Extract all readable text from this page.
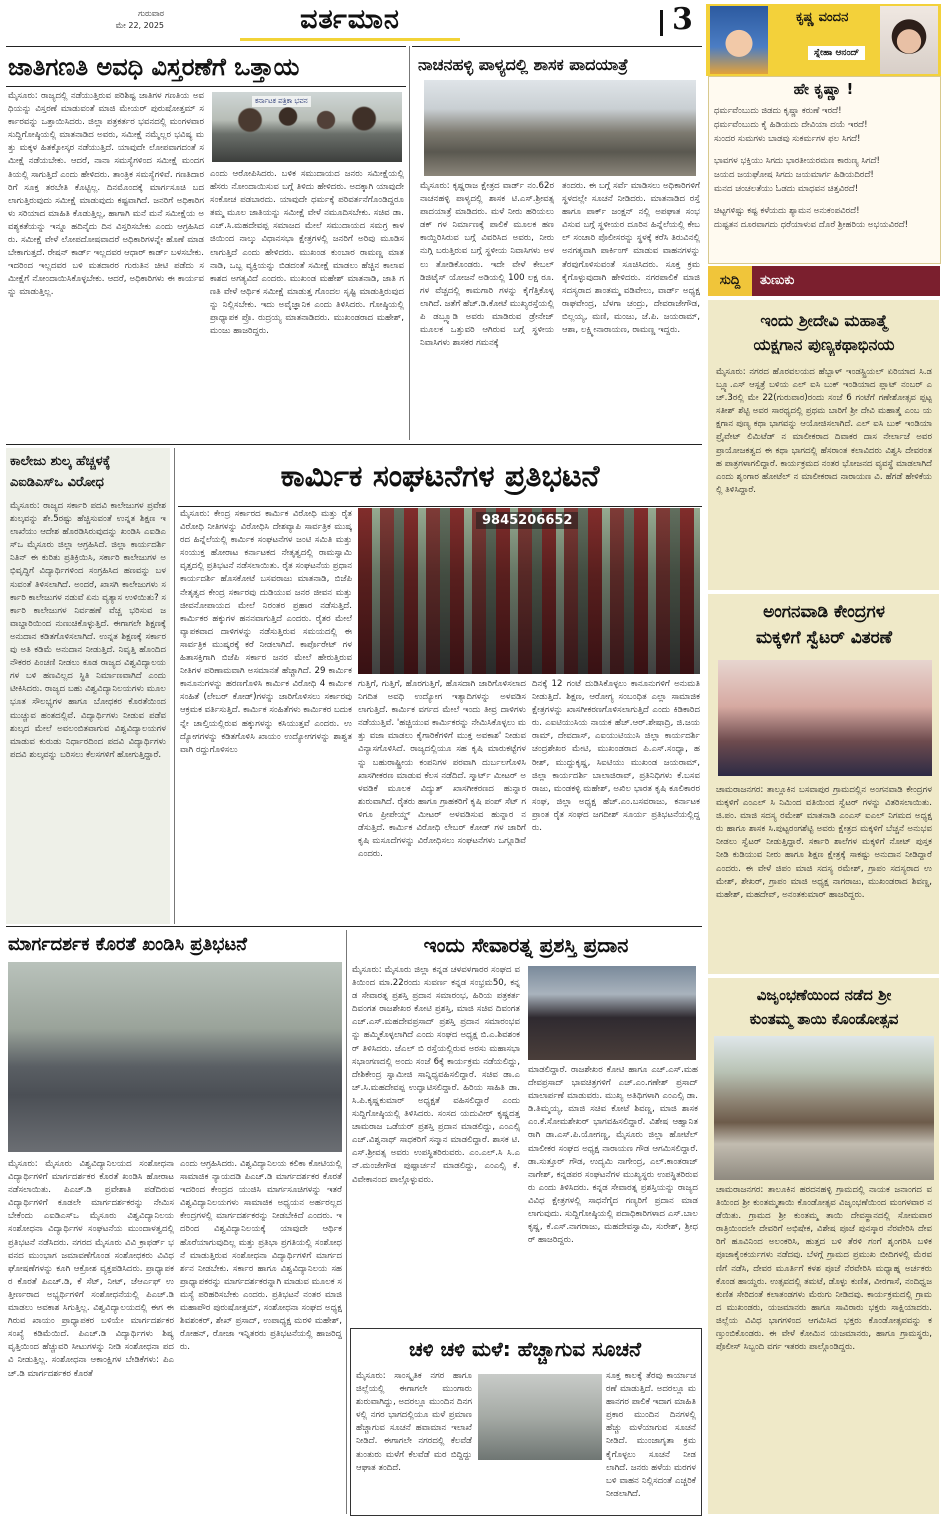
ಗುರುವಾರ
ಮೇ 22, 2025	ವರ್ತಮಾನ	3
ಜಾತಿಗಣತಿ ಅವಧಿ ವಿಸ್ತರಣೆಗೆ ಒತ್ತಾಯ
ಮೈಸೂರು: ರಾಜ್ಯದಲ್ಲಿ ನಡೆಯುತ್ತಿರುವ ಪರಿಶಿಷ್ಟ ಜಾತಿಗಳ ಗಣತಿಯ ಅವಧಿಯನ್ನು ವಿಸ್ತರಣೆ ಮಾಡುವಂತೆ ಮಾಜಿ ಮೇಯರ್ ಪುರುಷೋತ್ತಮ್ ಸರ್ಕಾರವನ್ನು ಒತ್ತಾಯಿಸಿದರು. ಜಿಲ್ಲಾ ಪತ್ರಕರ್ತರ ಭವನದಲ್ಲಿ ಮಂಗಳವಾರ ಸುದ್ದಿಗೋಷ್ಠಿಯಲ್ಲಿ ಮಾತನಾಡಿದ ಅವರು, ಸಮೀಕ್ಷೆ ನಮ್ಮೆಲ್ಲರ ಭವಿಷ್ಯ ಮತ್ತು ಮಕ್ಕಳ ಹಿತಕ್ಕೋಸ್ಕರ ನಡೆಯುತ್ತಿದೆ. ಯಾವುದೇ ಲೋಪವಾಗದಂತೆ ಸಮೀಕ್ಷೆ ನಡೆಯಬೇಕು. ಆದರೆ, ನಾನಾ ಸಮಸ್ಯೆಗಳಿಂದ ಸಮೀಕ್ಷೆ ಮಂದಗತಿಯಲ್ಲಿ ಸಾಗುತ್ತಿದೆ ಎಂದು ಹೇಳಿದರು. ತಾಂತ್ರಿಕ ಸಮಸ್ಯೆಗಳಿವೆ. ಗಣತಿದಾರರಿಗೆ ಸೂಕ್ತ ತರಬೇತಿ ಕೊಟ್ಟಿಲ್ಲ. ದಿನಮೊಂದಕ್ಕೆ ಮಾರ್ಗಸೂಚಿ ಬದಲಾಗುತ್ತಿರುವುದು ಸಮೀಕ್ಷೆ ಮಾಡುವುದು ಕಷ್ಟವಾಗಿದೆ. ಜನರಿಗೆ ಅಧಿಕಾರಿಗಳು ಸರಿಯಾದ ಮಾಹಿತಿ ಕೊಡುತ್ತಿಲ್ಲ, ಹಾಗಾಗಿ ಮನೆ ಮನೆ ಸಮೀಕ್ಷೆಯ ಅವಶ್ಯಕತೆಯನ್ನು ಇನ್ನೂ ಹದಿನೈದು ದಿನ ವಿಸ್ತರಿಸಬೇಕು ಎಂದು ಆಗ್ರಹಿಸಿದರು. ಸಮೀಕ್ಷೆ ವೇಳೆ ಲೋಪದೋಷವಾದರೆ ಅಧಿಕಾರಿಗಳನ್ನೇ ಹೊಣೆ ಮಾಡಬೇಕಾಗುತ್ತದೆ. ರೇಷನ್ ಕಾರ್ಡ್ ಇಲ್ಲದವರ ಆಧಾರ್ ಕಾರ್ಡ್ ಬಳಸಬೇಕು. ಇದರಿಂದ ಇಲ್ಲದವರ ಬಳಿ ಮತದಾರರ ಗುರುತಿನ ಚೀಟಿ ಪಡೆದು ಸಮೀಕ್ಷೆಗೆ ನೋಂದಾಯಿಸಿಕೊಳ್ಳಬೇಕು. ಆದರೆ, ಅಧಿಕಾರಿಗಳು ಈ ಕಾರ್ಯವನ್ನು ಮಾಡುತ್ತಿಲ್ಲ.
ಕರ್ನಾಟಕ ಪತ್ರಿಕಾ ಭವನ
ಎಂದು ಆರೋಪಿಸಿದರು. ಬಳಿಕ ಸಮುದಾಯದ ಜನರು ಸಮೀಕ್ಷೆಯಲ್ಲಿ ಹೆಸರು ನೋಂದಾಯಿಸುವ ಬಗ್ಗೆ ತಿಳಿದು ಹೇಳಿದರು. ಅದಕ್ಕಾಗಿ ಯಾವುದೇ ಸಂಕೋಚ ಪಡಬಾರದು. ಯಾವುದೇ ಧರ್ಮಕ್ಕೆ ಪರಿವರ್ತನೆಗೊಂಡಿದ್ದರೂ ತಮ್ಮ ಮೂಲ ಜಾತಿಯನ್ನು ಸಮೀಕ್ಷೆ ವೇಳೆ ನಮೂದಿಸಬೇಕು. ಸಚಿವ ಡಾ.ಎಚ್.ಸಿ.ಮಹದೇವಪ್ಪ ಸಮಾಜದ ಮೇಲೆ ಸಮುದಾಯದ ಸಮಗ್ರ ಕಾಳಜಿಯಿಂದ ನಾಲ್ಕು ವಿಧಾನಸಭಾ ಕ್ಷೇತ್ರಗಳಲ್ಲಿ ಜನರಿಗೆ ಅರಿವು ಮೂಡಿಸಲಾಗುತ್ತಿದೆ ಎಂದು ಹೇಳಿದರು. ಮುಖಂಡ ಕುಂಬಾರ ರಾಮಣ್ಣ ಮಾತನಾಡಿ, ಒಬ್ಬ ವ್ಯಕ್ತಿಯನ್ನು ಬಿಡದಂತೆ ಸಮೀಕ್ಷೆ ಮಾಡಲು ಹೆಚ್ಚಿನ ಕಾಲಾವಕಾಶದ ಅಗತ್ಯವಿದೆ ಎಂದರು. ಮುಖಂಡ ಮಹೇಶ್ ಮಾತನಾಡಿ, ಜಾತಿ ಗಣತಿ ವೇಳೆ ಆರ್ಥಿಕ ಸಮೀಕ್ಷೆ ಮಾಡುತ್ತ ಗೊಂದಲ ಸೃಷ್ಟಿ ಮಾಡುತ್ತಿರುವುದನ್ನು ನಿಲ್ಲಿಸಬೇಕು. ಇದು ಅವೈಜ್ಞಾನಿಕ ಎಂದು ತಿಳಿಸಿದರು. ಗೋಷ್ಠಿಯಲ್ಲಿ ಪ್ರಾಧ್ಯಾಪಕ ಪ್ರೊ. ರುದ್ರಯ್ಯ ಮಾತನಾಡಿದರು. ಮುಖಂಡರಾದ ಮಹೇಶ್, ಮಂಜು ಹಾಜರಿದ್ದರು.
ನಾಚನಹಳ್ಳಿ ಪಾಳ್ಯದಲ್ಲಿ ಶಾಸಕ ಪಾದಯಾತ್ರೆ
ಮೈಸೂರು: ಕೃಷ್ಣರಾಜ ಕ್ಷೇತ್ರದ ವಾರ್ಡ್ ನಂ.62ರ ನಾಚನಹಳ್ಳಿ ಪಾಳ್ಯದಲ್ಲಿ ಶಾಸಕ ಟಿ.ಎಸ್.ಶ್ರೀವತ್ಸ ಪಾದಯಾತ್ರೆ ಮಾಡಿದರು. ಮಳೆ ನೀರು ಹರಿಯಲು ಡಕ್ ಗಳ ನಿರ್ಮಾಣಕ್ಕೆ ಪಾಲಿಕೆ ಮೂಲಕ ಹಣ ಕಾಯ್ದಿರಿಸಿರುವ ಬಗ್ಗೆ ವಿವರಿಸಿದ ಅವರು, ನೀರು ನುಗ್ಗಿ ಬರುತ್ತಿರುವ ಬಗ್ಗೆ ಸ್ಥಳೀಯ ನಿವಾಸಿಗಳು ಅಳಲು ತೋಡಿಕೊಂಡರು. ಇದೇ ವೇಳೆ ಕೇಬಲ್ ಡಿಜಿಟೈಸ್ ಯೋಜನೆ ಅಡಿಯಲ್ಲಿ 100 ಲಕ್ಷ ರೂ.ಗಳ ವೆಚ್ಚದಲ್ಲಿ ಕಾಮಗಾರಿ ಗಳನ್ನು ಕೈಗೆತ್ತಿಕೊಳ್ಳಲಾಗಿದೆ. ಜತೆಗೆ ಹೆಚ್.ಡಿ.ಕೋಟೆ ಮುಖ್ಯರಸ್ತೆಯಲ್ಲಿ ಪಿ ಡಬ್ಲ್ಯೂಡಿ ಅವರು ಮಾಡಿರುವ ಡ್ರೇನೇಜ್ ಮೂಲಕ ಒತ್ತುವರಿ ಆಗಿರುವ ಬಗ್ಗೆ ಸ್ಥಳೀಯ ನಿವಾಸಿಗಳು ಶಾಸಕರ ಗಮನಕ್ಕೆ
ತಂದರು. ಈ ಬಗ್ಗೆ ಸರ್ವೆ ಮಾಡಿಸಲು ಅಧಿಕಾರಿಗಳಿಗೆ ಸ್ಥಳದಲ್ಲೇ ಸೂಚನೆ ನೀಡಿದರು. ಮಾತನಾಡಿದ ರಸ್ತೆ ಹಾಗೂ ಪಾರ್ಕ್ ಜಂಕ್ಷನ್ ನಲ್ಲಿ ಅಪಘಾತ ಸಂಭವಿಸುವ ಬಗ್ಗೆ ಸ್ಥಳೀಯರ ದೂರಿನ ಹಿನ್ನೆಲೆಯಲ್ಲಿ ಕೇಬಲ್ ಸಂಚಾರಿ ಪೊಲೀಸರನ್ನು ಸ್ಥಳಕ್ಕೆ ಕರೆಸಿ ತಿರುವಿನಲ್ಲಿ ಅನಗತ್ಯವಾಗಿ ಪಾರ್ಕಿಂಗ್ ಮಾಡುವ ವಾಹನಗಳನ್ನು ತೆರವುಗೊಳಿಸುವಂತೆ ಸೂಚಿಸಿದರು. ಸೂಕ್ತ ಕ್ರಮ ಕೈಗೊಳ್ಳುವುದಾಗಿ ಹೇಳಿದರು. ನಗರಪಾಲಿಕೆ ಮಾಜಿ ಸದಸ್ಯರಾದ ಶಾಂತಮ್ಮ ವಡಿವೇಲು, ವಾರ್ಡ್ ಅಧ್ಯಕ್ಷ ರಾಘವೇಂದ್ರ, ಬೆಳಗಾ ಚಂದ್ರು, ದೇವರಾಜೇಗೌಡ, ಬಿಲ್ಲಯ್ಯ, ಮಣಿ, ಮಂಜು, ಜೆ.ಪಿ. ಜಯರಾಮ್, ಆಶಾ, ಲಕ್ಷ್ಮೀನಾರಾಯಣ, ರಾಮಣ್ಣ ಇದ್ದರು.
ಕೃಷ್ಣ ವಂದನ
ಸ್ನೇಹಾ ಆನಂದ್
ಹೇ ಕೃಷ್ಣಾ !
ಧರ್ಮವೆಂಬುದು ಜಿಡದು ಕೃಷ್ಣಾ ಕರುಣೆ ಇರದೆ!
ಧರ್ಮವೆಂಬುದು ಕೈ ಹಿಡಿಯದು ದೇವಿಯಾ ದಯೆ ಇರದೆ!
ಸುಂದರ ಸುಮಗಳು ಬಾಡವು ಸುಕರ್ಮಗಳ ಫಲ ಸಿಗದೆ!
ಭಾವಗಳ ಭಕ್ತಿಯು ಸಿಗದು ಭಾರತೀಯರಮಣ ಕಾರುಣ್ಯ ಸಿಗದೆ!
ಜಯದ ಜಯಘೋಷ ಸಿಗದು ಜಯಮಾರ್ಗ ಹಿಡಿಯದಿರದೆ!
ಮನದ ಚಂಚಲತೆಯು ಓಡದು ಮಾಧವನ ಚಿತ್ತವಿರದೆ!
ಚಿಟ್ಟಗಳಿಷ್ಟು ಕಷ್ಟ ಕಳೆಯದು ಶ್ಯಾಮನ ಅನುಕಂಪವಿರದೆ!
ದುಷ್ಟತನ ದೂರವಾಗದು ಧರೆಯಾಳುವ ದೊರೆ ಶ್ರೀಹರಿಯ ಅಭಯವಿರದೆ!
ಸುದ್ದಿ	ತುಣುಕು
ಇಂದು ಶ್ರೀದೇವಿ ಮಹಾತ್ಮೆ
ಯಕ್ಷಗಾನ ಪುಣ್ಯಕಥಾಭಿನಯ
ಮೈಸೂರು: ನಗರದ ಹೊರವಲಯದ ಹೆಬ್ಬಾಳ್ ಇಂಡಸ್ಟ್ರಿಯಲ್ ಏರಿಯಾದ ಸಿ.ಡಬ್ಲ್ಯೂ.ಎಸ್ ಆಸ್ಪತ್ರೆ ಬಳಿಯ ಎಲ್ ಐಸಿ ಬುಕ್ ಇಂಡಿಯಾದ ಪ್ಲಾಟ್ ನಂಬರ್ ಎಚ್.3ರಲ್ಲಿ ಮೇ 22(ಗುರುವಾರ)ರಂದು ಸಂಜೆ 6 ಗಂಟೆಗೆ ಗಣೇಶೋತ್ಸವ ಪ್ಪಟ್ಟ ಸತೀಶ್ ಶೆಟ್ಟಿ ಅವರ ಸಾರಥ್ಯದಲ್ಲಿ ಪ್ರಥಮ ಬಾರಿಗೆ ಶ್ರೀ ದೇವಿ ಮಹಾತ್ಮೆ ಎಂಬ ಯಕ್ಷಗಾನ ಪುಣ್ಯ ಕಥಾ ಭಾಗವನ್ನು ಆಯೋಜಿಸಲಾಗಿದೆ. ಎಲ್ ಐಸಿ ಬುಕ್ ಇಂಡಿಯಾ ಪ್ರೈವೇಟ್ ಲಿಮಿಟೆಡ್ ನ ಮಾಲೀಕರಾದ ದಿವಾಕರ ದಾಸ ನೇರ್ಲಾಜೆ ಅವರ ಪ್ರಾಯೋಜಕತ್ವದ ಈ ಕಥಾ ಭಾಗದಲ್ಲಿ ಹೆಸರಾಂತ ಕಲಾವಿದರು ವಿಶ್ವಸಿ ದೇವರಂತಹ ಪಾತ್ರಗಳಾಗಲಿದ್ದಾರೆ. ಕಾರ್ಯಕ್ರಮದ ನಂತರ ಭೋಜನದ ವ್ಯವಸ್ಥೆ ಮಾಡಲಾಗಿದೆ ಎಂದು ಶೃಂಗಾರ ಹೋಟೆಲ್ ನ ಮಾಲೀಕರಾದ ನಾರಾಯಣ ವಿ. ಹೆಗಡೆ ಹೇಳಿಕೆಯಲ್ಲಿ ತಿಳಿಸಿದ್ದಾರೆ.
ಅಂಗನವಾಡಿ ಕೇಂದ್ರಗಳ
ಮಕ್ಕಳಿಗೆ ಸ್ವೆಟರ್ ವಿತರಣೆ
ಚಾಮರಾಜನಗರ: ತಾಲ್ಲೂಕಿನ ಬಸವಾಪುರ ಗ್ರಾಮದಲ್ಲಿನ ಅಂಗನವಾಡಿ ಕೇಂದ್ರಗಳ ಮಕ್ಕಳಿಗೆ ಎಂಎಲ್ ಸಿ ನಿಮಿಂದ ವತಿಯಿಂದ ಸ್ವೆಟರ್ ಗಳನ್ನು ವಿತರಿಸಲಾಯಿತು. ಜಿ.ಪಂ. ಮಾಜಿ ಸದಸ್ಯ ರಮೇಶ್ ಮಾತನಾಡಿ ಎಂಎಸ್ ಐಎಲ್ ನಿಗಮದ ಅಧ್ಯಕ್ಷರು ಹಾಗೂ ಶಾಸಕ ಸಿ.ಪುಟ್ಟರಂಗಶೆಟ್ಟಿ ಅವರು ಕ್ಷೇತ್ರದ ಮಕ್ಕಳಿಗೆ ಬೆಚ್ಚನೆ ಅನುಭವ ನೀಡಲು ಸ್ವೆಟರ್ ನೀಡುತ್ತಿದ್ದಾರೆ. ಸರ್ಕಾರಿ ಶಾಲೆಗಳ ಮಕ್ಕಳಿಗೆ ನೋಟ್ ಪುಸ್ತಕ ನೀಡಿ ಕುಡಿಯುವ ನೀರು ಹಾಗೂ ಶಿಕ್ಷಣ ಕ್ಷೇತ್ರಕ್ಕೆ ಸಾಕಷ್ಟು ಅನುದಾನ ನೀಡಿದ್ದಾರೆ ಎಂದರು. ಈ ವೇಳೆ ಜಿಪಂ ಮಾಜಿ ಸದಸ್ಯ ರಮೇಶ್, ಗ್ರಾಪಂ ಸದಸ್ಯರಾದ ಉಮೇಶ್, ಶೇಖರ್, ಗ್ರಾಪಂ ಮಾಜಿ ಅಧ್ಯಕ್ಷ ನಾಗರಾಜು, ಮುಖಂಡರಾದ ಶಿವಣ್ಣ, ಮಹೇಶ್, ಮಹದೇವ್, ಅನಂತಕುಮಾರ್ ಹಾಜರಿದ್ದರು.
ವಿಜೃಂಭಣೆಯಿಂದ ನಡೆದ ಶ್ರೀ
ಕುಂತಮ್ಮ ತಾಯಿ ಕೊಂಡೋತ್ಸವ
ಚಾಮರಾಜನಗರ: ತಾಲೂಕಿನ ಹರದನಹಳ್ಳಿ ಗ್ರಾಮದಲ್ಲಿ ನಾಯಕ ಜನಾಂಗದ ವತಿಯಿಂದ ಶ್ರೀ ಕುಂತಮ್ಮತಾಯಿ ಕೊಂಡೋತ್ಸವ ವಿಜೃಂಭಣೆಯಿಂದ ಮಂಗಳವಾರ ನಡೆಯಿತು. ಗ್ರಾಮದ ಶ್ರೀ ಕುಂತಮ್ಮ ತಾಯಿ ದೇವಸ್ಥಾನದಲ್ಲಿ ಸೋಮವಾರ ರಾತ್ರಿಯಿಂದಲೇ ದೇವರಿಗೆ ಅಭಿಷೇಕ, ವಿಶೇಷ ಪೂಜೆ ಪುನಸ್ಕಾರ ನೆರವೇರಿಸಿ ದೇವರಿಗೆ ಹೂವಿನಿಂದ ಅಲಂಕರಿಸಿ, ಹುತ್ತದ ಬಳಿ ತೆರಳಿ ಗಂಗೆ ಶೃಂಗರಿಸಿ ಬಳಿಕ ಪೂಜಾಕೈಂಕರ್ಯಗಳು ನಡೆದವು. ಬೆಳಗ್ಗೆ ಗ್ರಾಮದ ಪ್ರಮುಖ ಬೀದಿಗಳಲ್ಲಿ ಮೆರವಣಿಗೆ ನಡೆಸಿ, ದೇವರ ಮೂರ್ತಿಗೆ ಕಳಶ ಪೂಜೆ ನೆರವೇರಿಸಿ ಮಧ್ಯಾಹ್ನ ಅರ್ಚಕರು ಕೊಂಡ ಹಾಯ್ದರು. ಉತ್ಸವದಲ್ಲಿ ತಮಟೆ, ಡೊಳ್ಳು ಕುಣಿತ, ವೀರಗಾಸೆ, ನಂದಿಧ್ವಜ ಕುಣಿತ ಸೇರಿದಂತೆ ಕಲಾತಂಡಗಳು ಮೆರುಗು ನೀಡಿದವು. ಕಾರ್ಯಕ್ರಮದಲ್ಲಿ ಗ್ರಾಮದ ಮುಖಂಡರು, ಯಜಮಾನರು ಹಾಗೂ ಸಾವಿರಾರು ಭಕ್ತರು ಸಾಕ್ಷಿಯಾದರು. ಜಿಲ್ಲೆಯ ವಿವಿಧ ಭಾಗಗಳಿಂದ ಆಗಮಿಸಿದ ಭಕ್ತರು ಕೊಂಡೋತ್ಸವವನ್ನು ಕಣ್ತುಂಬಿಕೊಂಡರು. ಈ ವೇಳೆ ಕೋಮಿನ ಯಜಮಾನರು, ಹಾಗೂ ಗ್ರಾಮಸ್ಥರು, ಪೊಲೀಸ್ ಸಿಬ್ಬಂದಿ ವರ್ಗ ಇತರರು ಪಾಲ್ಗೊಂಡಿದ್ದರು.
ಕಾಲೇಜು ಶುಲ್ಕ ಹೆಚ್ಚಳಕ್ಕೆ
ಎಐಡಿಎಸ್ಒ ವಿರೋಧ
ಮೈಸೂರು: ರಾಜ್ಯದ ಸರ್ಕಾರಿ ಪದವಿ ಕಾಲೇಜುಗಳ ಪ್ರವೇಶ ಶುಲ್ಕವನ್ನು ಶೇ.5ರಷ್ಟು ಹೆಚ್ಚಿಸುವಂತೆ ಉನ್ನತ ಶಿಕ್ಷಣ ಇಲಾಖೆಯು ಆದೇಶ ಹೊರಡಿಸಿರುವುದನ್ನು ಖಂಡಿಸಿ ಎಐಡಿಎಸ್ಒ ಮೈಸೂರು ಜಿಲ್ಲಾ ಆಗ್ರಹಿಸಿದೆ. ಜಿಲ್ಲಾ ಕಾರ್ಯದರ್ಶಿ ನಿತಿನ್ ಈ ಕುರಿತು ಪ್ರತಿಕ್ರಿಯಿಸಿ, ಸರ್ಕಾರಿ ಕಾಲೇಜುಗಳ ಅಭಿವೃದ್ಧಿಗೆ ವಿದ್ಯಾರ್ಥಿಗಳಿಂದ ಸಂಗ್ರಹಿಸಿದ ಹಣವನ್ನು ಬಳಸುವಂತೆ ತಿಳಿಸಲಾಗಿದೆ. ಅಂದರೆ, ಖಾಸಗಿ ಕಾಲೇಜುಗಳು ಸರ್ಕಾರಿ ಕಾಲೇಜುಗಳ ನಡುವೆ ಏನು ವ್ಯತ್ಯಾಸ ಉಳಿಯಿತು? ಸರ್ಕಾರಿ ಕಾಲೇಜುಗಳ ನಿರ್ವಹಣೆ ವೆಚ್ಚ ಭರಿಸುವ ಜವಾಬ್ದಾರಿಯಿಂದ ನುಣುಚಿಕೊಳ್ಳುತ್ತಿದೆ. ಈಗಾಗಲೇ ಶಿಕ್ಷಣಕ್ಕೆ ಅನುದಾನ ಕಡಿತಗೊಳಿಸಲಾಗಿದೆ. ಉನ್ನತ ಶಿಕ್ಷಣಕ್ಕೆ ಸರ್ಕಾರವು ಅತಿ ಕಡಿಮೆ ಅನುದಾನ ನೀಡುತ್ತಿದೆ. ನಿವೃತ್ತಿ ಹೊಂದಿದ ನೌಕರರ ಪಿಂಚಣಿ ನೀಡಲು ಕೂಡ ರಾಜ್ಯದ ವಿಶ್ವವಿದ್ಯಾಲಯಗಳ ಬಳಿ ಹಣವಿಲ್ಲದ ಸ್ಥಿತಿ ನಿರ್ಮಾಣವಾಗಿದೆ ಎಂದು ಟೀಕಿಸಿದರು. ರಾಜ್ಯದ ಬಹು ವಿಶ್ವವಿದ್ಯಾನಿಲಯಗಳು ಮೂಲಭೂತ ಸೌಲಭ್ಯಗಳ ಹಾಗೂ ಬೋಧಕರ ಕೊರತೆಯಿಂದ ಮುಚ್ಚುವ ಹಂತದಲ್ಲಿವೆ. ವಿದ್ಯಾರ್ಥಿಗಳು ನೀಡುವ ಪಡೆವ ಶುಲ್ಕದ ಮೇಲೆ ಅವಲಂಬಿತವಾಗುವ ವಿಶ್ವವಿದ್ಯಾಲಯಗಳ ಮಾಡುವ ಕುರುಡು ನಿರ್ಧಾರದಿಂದ ಪದವಿ ವಿದ್ಯಾರ್ಥಿಗಳು ಪದವಿ ಶುಲ್ಕವನ್ನು ಬರಿಸಲು ಕೆಲಸಗಳಿಗೆ ಹೋಗುತ್ತಿದ್ದಾರೆ.
ಕಾರ್ಮಿಕ ಸಂಘಟನೆಗಳ ಪ್ರತಿಭಟನೆ
ಮೈಸೂರು: ಕೇಂದ್ರ ಸರ್ಕಾರದ ಕಾರ್ಮಿಕ ವಿರೋಧಿ ಮತ್ತು ರೈತ ವಿರೋಧಿ ನೀತಿಗಳನ್ನು ವಿರೋಧಿಸಿ ದೇಶವ್ಯಾಪಿ ಸಾರ್ವತ್ರಿಕ ಮುಷ್ಕರದ ಹಿನ್ನೆಲೆಯಲ್ಲಿ ಕಾರ್ಮಿಕ ಸಂಘಟನೆಗಳ ಜಂಟಿ ಸಮಿತಿ ಮತ್ತು ಸಂಯುಕ್ತ ಹೋರಾಟ ಕರ್ನಾಟಕದ ನೇತೃತ್ವದಲ್ಲಿ ರಾಮಸ್ವಾಮಿ ವೃತ್ತದಲ್ಲಿ ಪ್ರತಿಭಟನೆ ನಡೆಸಲಾಯಿತು. ರೈತ ಸಂಘಟನೆಯ ಪ್ರಧಾನ ಕಾರ್ಯದರ್ಶಿ ಹೊಸಕೋಟೆ ಬಸವರಾಜು ಮಾತನಾಡಿ, ಬಿಜೆಪಿ ನೇತೃತ್ವದ ಕೇಂದ್ರ ಸರ್ಕಾರವು ದುಡಿಯುವ ಜನರ ಜೀವನ ಮತ್ತು ಜೀವನೋಪಾಯದ ಮೇಲೆ ನಿರಂತರ ಪ್ರಹಾರ ನಡೆಸುತ್ತಿದೆ. ಕಾರ್ಮಿಕರ ಹಕ್ಕುಗಳ ಹನನವಾಗುತ್ತಿದೆ ಎಂದರು. ರೈತರ ಮೇಲೆ ವ್ಯಾಪಕವಾದ ದಾಳಿಗಳನ್ನು ನಡೆಸುತ್ತಿರುವ ಸಮಯದಲ್ಲಿ ಈ ಸಾರ್ವತ್ರಿಕ ಮುಷ್ಕರಕ್ಕೆ ಕರೆ ನೀಡಲಾಗಿದೆ. ಕಾರ್ಪೊರೇಟ್ ಗಳ ಹಿತಾಸಕ್ತಿಗಾಗಿ ಬಿಜೆಪಿ ಸರ್ಕಾರ ಜನರ ಮೇಲೆ ಹೇರುತ್ತಿರುವ ನೀತಿಗಳ ಪರಿಣಾಮವಾಗಿ ಅಸಮಾನತೆ ಹೆಚ್ಚಾಗಿದೆ. 29 ಕಾರ್ಮಿಕ ಕಾನೂನುಗಳನ್ನು ಹರಣಗೊಳಿಸಿ ಕಾರ್ಮಿಕ ವಿರೋಧಿ 4 ಕಾರ್ಮಿಕ ಸಂಹಿತೆ (ಲೇಬರ್ ಕೋಡ್)ಗಳನ್ನು ಜಾರಿಗೊಳಿಸಲು ಸರ್ಕಾರವು ಆಕ್ರಮಕ ವರ್ತಿಸುತ್ತಿದೆ. ಕಾರ್ಮಿಕ ಸಂಹಿತೆಗಳು ಕಾರ್ಮಿಕರ ಬದುಕನ್ನೇ ಚಾಲ್ತಿಯಲ್ಲಿರುವ ಹಕ್ಕುಗಳನ್ನು ಕಸಿಯುತ್ತವೆ ಎಂದರು. ಉದ್ಯೋಗಗಳನ್ನು ಕಡಿತಗೊಳಿಸಿ ಖಾಯಂ ಉದ್ಯೋಗಗಳನ್ನು ಶಾಶ್ವತವಾಗಿ ರದ್ದುಗೊಳಿಸಲು
9845206652
ಗುತ್ತಿಗೆ, ಗುತ್ತಿಗೆ, ಹೊರಗುತ್ತಿಗೆ, ಹೊಸದಾಗಿ ಜಾರಿಗೊಳಿಸಲಾದ ನಿಗದಿತ ಅವಧಿ ಉದ್ಯೋಗ ಇತ್ಯಾದಿಗಳನ್ನು ಅಳವಡಿಸಲಾಗುತ್ತಿದೆ. ಕಾರ್ಮಿಕ ವರ್ಗದ ಮೇಲೆ ಇಂದು ತೀವ್ರ ದಾಳಿಗಳು ನಡೆಯುತ್ತಿವೆ. 'ಹಚ್ಚಿಯುವ ಕಾರ್ಮಿಕರನ್ನು ನೇಮಿಸಿಕೊಳ್ಳಲು ಮತ್ತು ವಜಾ ಮಾಡಲು ಕೈಗಾರಿಕೆಗಳಿಗೆ ಮುಕ್ತ ಅವಕಾಶ' ನೀಡುವ ವಿನ್ಯಾಸಗೊಳಿಸಿದೆ. ರಾಜ್ಯದಲ್ಲಿಯೂ ಸಹ ಕೃಷಿ ಮಾರುಕಟ್ಟೆಗಳನ್ನು ಬಹುರಾಷ್ಟ್ರೀಯ ಕಂಪನಿಗಳ ಪರವಾಗಿ ದುರ್ಬಲಗೊಳಿಸಿ ಖಾಸಗೀಕರಣ ಮಾಡುವ ಕೆಲಸ ನಡೆದಿದೆ. ಸ್ಮಾರ್ಟ್ ಮೀಟರ್ ಅಳವಡಿಕೆ ಮೂಲಕ ವಿದ್ಯುತ್ ಖಾಸಗೀಕರಣದ ಹುನ್ನಾರ ಶುರುವಾಗಿದೆ. ರೈತರು ಹಾಗೂ ಗ್ರಾಹಕರಿಗೆ ಕೃಷಿ ಪಂಪ್ ಸೆಟ್ ಗಳಿಗೂ ಪ್ರೀಪೇಯ್ಡ್ ಮೀಟರ್ ಅಳವಡಿಸುವ ಹುನ್ನಾರ ನಡೆಸುತ್ತಿದೆ. ಕಾರ್ಮಿಕ ವಿರೋಧಿ ಲೇಬರ್ ಕೋಡ್ ಗಳ ಜಾರಿಗೆ ಕೃಷಿ ಮಸೂದೆಗಳನ್ನು ವಿರೋಧಿಸಲು ಸಂಘಟನೆಗಳು ಒಗ್ಗೂಡಿವೆ ಎಂದರು.
ದಿನಕ್ಕೆ 12 ಗಂಟೆ ದುಡಿಸಿಕೊಳ್ಳಲು ಕಾನೂನುಗಳಿಗೆ ಅನುಮತಿ ನೀಡುತ್ತಿದೆ. ಶಿಕ್ಷಣ, ಆರೋಗ್ಯ ಸಂಬಂಧಿತ ಎಲ್ಲಾ ಸಾಮಾಜಿಕ ಕ್ಷೇತ್ರಗಳನ್ನು ಖಾಸಗೀಕರಣಗೊಳಿಸಲಾಗುತ್ತಿದೆ ಎಂದು ಕಿಡಿಕಾರಿದರು. ಎಐಟಿಯುಸಿಯ ನಾಯಕ ಹೆಚ್.ಆರ್.ಶೇಷಾದ್ರಿ, ಜಿ.ಜಯರಾಮ್, ದೇವದಾಸ್, ಎಐಯುಟಿಯುಸಿ ಜಿಲ್ಲಾ ಕಾರ್ಯದರ್ಶಿ ಚಂದ್ರಶೇಖರ ಮೇಟಿ, ಮುಖಂಡರಾದ ಪಿ.ಎಸ್.ಸಂಧ್ಯಾ, ಹರೀಶ್, ಮುದ್ದುಕೃಷ್ಣ, ಸಿಐಟಿಯು ಮುಖಂಡ ಜಯರಾಮ್, ಜಿಲ್ಲಾ ಕಾರ್ಯದರ್ಶಿ ಬಾಲಾಜಿರಾವ್, ಪ್ರತಿನಿಧಿಗಳು ಕೆ.ಬಸವರಾಜು, ಮಂಡಕಳ್ಳಿ ಮಹೇಶ್, ಅಖಿಲ ಭಾರತ ಕೃಷಿ ಕೂಲಿಕಾರರ ಸಂಘ, ಜಿಲ್ಲಾ ಅಧ್ಯಕ್ಷ ಹೆಚ್.ಎಂ.ಬಸವರಾಜು, ಕರ್ನಾಟಕ ಪ್ರಾಂತ ರೈತ ಸಂಘದ ಜಗದೀಶ್ ಸೂರ್ಯ ಪ್ರತಿಭಟನೆಯಲ್ಲಿದ್ದರು.
ಮಾರ್ಗದರ್ಶಕ ಕೊರತೆ ಖಂಡಿಸಿ ಪ್ರತಿಭಟನೆ
ಮೈಸೂರು: ಮೈಸೂರು ವಿಶ್ವವಿದ್ಯಾನಿಲಯದ ಸಂಶೋಧನಾ ವಿದ್ಯಾರ್ಥಿಗಳಿಗೆ ಮಾರ್ಗದರ್ಶಕರ ಕೊರತೆ ಖಂಡಿಸಿ ಹೋರಾಟ ನಡೆಸಲಾಯಿತು. ಪಿಎಚ್.ಡಿ ಪ್ರವೇಶಾತಿ ಪಡೆದಿರುವ ವಿದ್ಯಾರ್ಥಿಗಳಿಗೆ ಕೂಡಲೇ ಮಾರ್ಗದರ್ಶಕರನ್ನು ನೇಮಿಸಬೇಕೆಂದು ಎಐಡಿಎಸ್ಒ ಮೈಸೂರು ವಿಶ್ವವಿದ್ಯಾನಿಲಯ ಸಂಶೋಧನಾ ವಿದ್ಯಾರ್ಥಿಗಳ ಸಂಘಟನೆಯ ಮುಂದಾಳತ್ವದಲ್ಲಿ ಪ್ರತಿಭಟನೆ ನಡೆಸಿದರು. ನಗರದ ಮೈಸೂರು ವಿವಿ ಕ್ರಾಫರ್ಡ್ ಭವನದ ಮುಂಭಾಗ ಜಮಾವಣೆಗೊಂಡ ಸಂಶೋಧಕರು ವಿವಿಧ ಘೋಷಣೆಗಳನ್ನು ಕೂಗಿ ಆಕ್ರೋಶ ವ್ಯಕ್ತಪಡಿಸಿದರು. ಪ್ರಾಧ್ಯಾಪಕರ ಕೊರತೆ ಪಿಎಚ್.ಡಿ, ಕೆ ಸೆಟ್, ನೀಟ್, ಜೆಆರ್ಎಫ್ ಉತ್ತೀರ್ಣರಾದ ಅಭ್ಯರ್ಥಿಗಳಿಗೆ ಸಂಶೋಧನೆಯಲ್ಲಿ ಪಿಎಚ್.ಡಿ ಮಾಡಲು ಅವಕಾಶ ಸಿಗುತ್ತಿಲ್ಲ. ವಿಶ್ವವಿದ್ಯಾಲಯದಲ್ಲಿ ಈಗ ಈಗಿರುವ ಖಾಯಂ ಪ್ರಾಧ್ಯಾಪಕರ ಬಳಿಯೇ ಮಾರ್ಗದರ್ಶಕರ ಸಂಖ್ಯೆ ಕಡಿಮೆಯಿದೆ. ಪಿಎಚ್.ಡಿ ವಿದ್ಯಾರ್ಥಿಗಳು ಶಿಷ್ಯವೃತ್ತಿಯಿಂದ ಹೆಚ್ಚುವರಿ ಸೀಟುಗಳನ್ನು ನೀಡಿ ಸಂಶೋಧನಾ ಪದವಿ ನೀಡುತ್ತಿಲ್ಲ. ಸಂಶೋಧನಾ ಆಕಾಂಕ್ಷಿಗಳ ಬೇಡಿಕೆಗಳು: ಪಿಎಚ್.ಡಿ ಮಾರ್ಗದರ್ಶಕರ ಕೊರತೆ
ಎಂದು ಆಗ್ರಹಿಸಿದರು. ವಿಶ್ವವಿದ್ಯಾನಿಲಯ ಕಲಿಕಾ ಕೋಟಿಯಲ್ಲಿ ಸಾಮಾಜಿಕ ನ್ಯಾಯದಡಿ ಪಿಎಚ್.ಡಿ ಮಾರ್ಗದರ್ಶಕರ ಕೊರತೆ ಇದರಿಂದ ಕೇಂದ್ರದ ಯುಜಿಸಿ ಮಾರ್ಗಸೂಚಿಗಳನ್ನು ಇತರೆ ವಿಶ್ವವಿದ್ಯಾನಿಲಯಗಳು ಸಾಮಾಜಿಕ ಅಧ್ಯಯನ ಅರ್ಹರಲ್ಲದ ಕೇಂದ್ರಗಳಲ್ಲಿ ಮಾರ್ಗದರ್ಶಕರನ್ನು ನೀಡಬೇಕಿದೆ ಎಂದರು. ಇದರಿಂದ ವಿಶ್ವವಿದ್ಯಾನಿಲಯಕ್ಕೆ ಯಾವುದೇ ಆರ್ಥಿಕ ಹೊರೆಯಾಗುವುದಿಲ್ಲ ಮತ್ತು ಪ್ರತಿಭಾ ಪ್ರಗತಿಯಲ್ಲಿ ಸಂಶೋಧನೆ ಮಾಡುತ್ತಿರುವ ಸಂಶೋಧನಾ ವಿದ್ಯಾರ್ಥಿಗಳಿಗೆ ಮಾರ್ಗದರ್ಶನ ನೀಡಬೇಕು. ಸರ್ಕಾರ ಹಾಗೂ ವಿಶ್ವವಿದ್ಯಾನಿಲಯ ಸಹಪ್ರಾಧ್ಯಾಪಕರನ್ನು ಮಾರ್ಗದರ್ಶಕರನ್ನಾಗಿ ಮಾಡುವ ಮೂಲಕ ಸಮಸ್ಯೆ ಪರಿಹರಿಸಬೇಕು ಎಂದರು. ಪ್ರತಿಭಟನೆ ನಂತರ ಮಾಜಿ ಮಹಾಪೌರ ಪುರುಷೋತ್ತಮ್, ಸಂಶೋಧನಾ ಸಂಘದ ಅಧ್ಯಕ್ಷ ಶಿವಶಂಕರ್, ಶೇಖ್ ಪ್ರಸಾದ್, ಉಪಾಧ್ಯಕ್ಷ ಮರಳಿ ಮಹೇಶ್, ರೋಹನ್, ರೋಜಾ ಇನ್ನಿತರರು ಪ್ರತಿಭಟನೆಯಲ್ಲಿ ಹಾಜರಿದ್ದರು.
ಇಂದು ಸೇವಾರತ್ನ ಪ್ರಶಸ್ತಿ ಪ್ರದಾನ
ಮೈಸೂರು: ಮೈಸೂರು ಜಿಲ್ಲಾ ಕನ್ನಡ ಚಳವಳಗಾರರ ಸಂಘದ ವತಿಯಿಂದ ಮಾ.22ರಂದು ಸುವರ್ಣ ಕನ್ನಡ ಸಂಭ್ರಮ50, ಕನ್ನಡ ಸೇವಾರತ್ನ ಪ್ರಶಸ್ತಿ ಪ್ರದಾನ ಸಮಾರಂಭ, ಹಿರಿಯ ಪತ್ರಕರ್ತ ದಿವಂಗತ ರಾಜಶೇಖರ ಕೋಟಿ ಪ್ರಶಸ್ತಿ, ಮಾಜಿ ಸಚಿವ ದಿವಂಗತ ಎಚ್.ಎಸ್.ಮಹದೇವಪ್ರಸಾದ್ ಪ್ರಶಸ್ತಿ ಪ್ರದಾನ ಸಮಾರಂಭವನ್ನು ಹಮ್ಮಿಕೊಳ್ಳಲಾಗಿದೆ ಎಂದು ಸಂಘದ ಅಧ್ಯಕ್ಷ ಬಿ.ಎ.ಶಿವಶಂಕರ್ ತಿಳಿಸಿದರು. ಜೆಎಲ್ ಬಿ ರಸ್ತೆಯಲ್ಲಿರುವ ಅರಸು ಮಹಾಸಭಾ ಸಭಾಂಗಣದಲ್ಲಿ ಅಂದು ಸಂಜೆ 6ಕ್ಕೆ ಕಾರ್ಯಕ್ರಮ ನಡೆಯಲಿದ್ದು, ದೇಶಿಕೇಂದ್ರ ಸ್ವಾಮೀಜಿ ಸಾನ್ನಿಧ್ಯವಹಿಸಲಿದ್ದಾರೆ. ಸಚಿವ ಡಾ.ಎಚ್.ಸಿ.ಮಹದೇವಪ್ಪ ಉದ್ಘಾಟಿಸಲಿದ್ದಾರೆ. ಹಿರಿಯ ಸಾಹಿತಿ ಡಾ.ಸಿ.ಪಿ.ಕೃಷ್ಣಕುಮಾರ್ ಅಧ್ಯಕ್ಷತೆ ವಹಿಸಲಿದ್ದಾರೆ ಎಂದು ಸುದ್ದಿಗೋಷ್ಠಿಯಲ್ಲಿ ತಿಳಿಸಿದರು. ಸಂಸದ ಯದುವೀರ್ ಕೃಷ್ಣದತ್ತ ಚಾಮರಾಜ ಒಡೆಯರ್ ಪ್ರಶಸ್ತಿ ಪ್ರದಾನ ಮಾಡಲಿದ್ದು, ಎಂಎಲ್ಸಿ ಎಚ್.ವಿಶ್ವನಾಥ್ ಸಾಧಕರಿಗೆ ಸನ್ಮಾನ ಮಾಡಲಿದ್ದಾರೆ. ಶಾಸಕ ಟಿ.ಎಸ್.ಶ್ರೀವತ್ಸ ಅವರು ಉಪಸ್ಥಿತರಿರುವರು. ಎಂ.ಎಲ್.ಸಿ ಸಿ.ಎನ್.ಮಂಜೇಗೌಡ ಪುಷ್ಪಾರ್ಚನೆ ಮಾಡಲಿದ್ದು, ಎಂಎಲ್ಸಿ ಕೆ.ವಿವೇಕಾನಂದ ಪಾಲ್ಗೊಳ್ಳುವರು.
ಮಾಡಲಿದ್ದಾರೆ. ರಾಜಶೇಖರ ಕೋಟಿ ಹಾಗೂ ಎಚ್.ಎಸ್.ಮಹದೇವಪ್ರಸಾದ್ ಭಾವಚಿತ್ರಗಳಿಗೆ ಎಚ್.ಎಂ.ಗಣೇಶ್ ಪ್ರಸಾದ್ ಮಾಲಾರ್ಪಣೆ ಮಾಡುವರು. ಮುಖ್ಯ ಅತಿಥಿಗಳಾಗಿ ಎಂಎಲ್ಸಿ ಡಾ.ಡಿ.ತಿಮ್ಮಯ್ಯ, ಮಾಜಿ ಸಚಿವ ಕೋಟೆ ಶಿವಣ್ಣ, ಮಾಜಿ ಶಾಸಕ ಎಂ.ಕೆ.ಸೋಮಶೇಖರ್ ಭಾಗವಹಿಸಲಿದ್ದಾರೆ. ವಿಶೇಷ ಆಹ್ವಾನಿತರಾಗಿ ಡಾ.ಎಸ್.ಪಿ.ಯೋಗಣ್ಣ, ಮೈಸೂರು ಜಿಲ್ಲಾ ಹೋಟೆಲ್ ಮಾಲೀಕರ ಸಂಘದ ಅಧ್ಯಕ್ಷ ನಾರಾಯಣ ಗೌಡ ಆಗಮಿಸಲಿದ್ದಾರೆ. ಡಾ.ಸುತ್ತೂರ್ ಗೌಡ, ಉದ್ಯಮಿ ನಾಗೇಂದ್ರ, ಎಲ್.ಕಾಂತರಾಜ್ ನಾಗೇಶ್, ಕನ್ನಡಪರ ಸಂಘಟನೆಗಳ ಮುಖ್ಯಸ್ಥರು ಉಪಸ್ಥಿತರಿರುವರು ಎಂದು ತಿಳಿಸಿದರು. ಕನ್ನಡ ಸೇವಾರತ್ನ ಪ್ರಶಸ್ತಿಯನ್ನು ರಾಜ್ಯದ ವಿವಿಧ ಕ್ಷೇತ್ರಗಳಲ್ಲಿ ಸಾಧನೆಗೈದ ಗಣ್ಯರಿಗೆ ಪ್ರದಾನ ಮಾಡಲಾಗುವುದು. ಸುದ್ದಿಗೋಷ್ಠಿಯಲ್ಲಿ ಪದಾಧಿಕಾರಿಗಳಾದ ಎಸ್.ಬಾಲಕೃಷ್ಣ, ಕೆ.ಎಸ್.ನಾಗರಾಜು, ಮಹದೇವಸ್ವಾಮಿ, ಸುರೇಶ್, ಶ್ರೀಧರ್ ಹಾಜರಿದ್ದರು.
ಚಳಿ ಚಳಿ ಮಳೆ: ಹೆಚ್ಚಾಗುವ ಸೂಚನೆ
ಮೈಸೂರು: ಸಾಂಸ್ಕೃತಿಕ ನಗರ ಹಾಗೂ ಜಿಲ್ಲೆಯಲ್ಲಿ ಈಗಾಗಲೇ ಮುಂಗಾರು ಶುರುವಾಗಿದ್ದು, ಅದರಲ್ಲೂ ಮುಂದಿನ ದಿನಗಳಲ್ಲಿ ನಗರ ಭಾಗದಲ್ಲಿಯೂ ಮಳೆ ಪ್ರಮಾಣ ಹೆಚ್ಚಾಗುವ ಸೂಚನೆ ಹವಾಮಾನ ಇಲಾಖೆ ನೀಡಿದೆ. ಈಗಾಗಲೇ ನಗರದಲ್ಲಿ ಕೆಲವೆಡೆ ತುಂತುರು ಮಳೆಗೆ ಕೆಲವೆಡೆ ಮರ ಬಿದ್ದಿದ್ದು ಆಘಾತ ತಂದಿದೆ.
ಸೂಕ್ತ ಕಾಲಕ್ಕೆ ತೆರವು ಕಾರ್ಯಾಚರಣೆ ಮಾಡುತ್ತಿದೆ. ಅದರಲ್ಲೂ ಮಹಾನಗರ ಪಾಲಿಕೆ ಇದಾಗ ಮಾಹಿತಿ ಪ್ರಕಾರ ಮುಂದಿನ ದಿನಗಳಲ್ಲಿ ಹೆಚ್ಚು ಮಳೆಯಾಗುವ ಸೂಚನೆ ನೀಡಿದೆ. ಮುಂಜಾಗೃತಾ ಕ್ರಮ ಕೈಗೊಳ್ಳಲು ಸೂಚನೆ ನೀಡಲಾಗಿದೆ. ಜನರು ಹಳೆಯ ಮರಗಳ ಬಳಿ ವಾಹನ ನಿಲ್ಲಿಸದಂತೆ ಎಚ್ಚರಿಕೆ ನೀಡಲಾಗಿದೆ.
